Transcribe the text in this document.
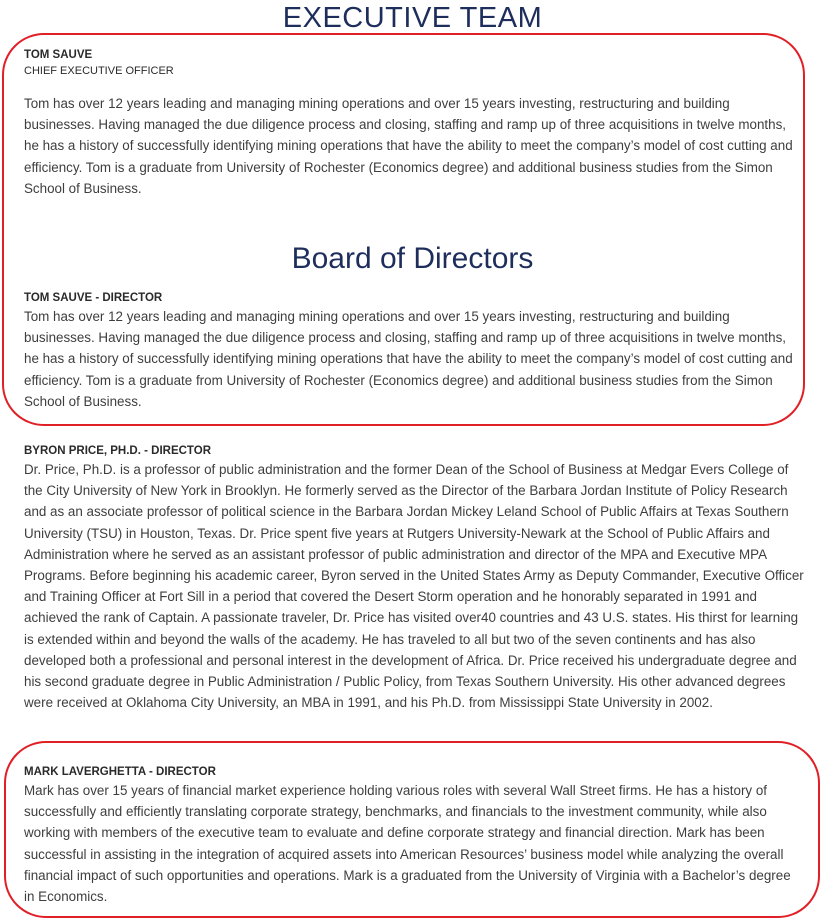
EXECUTIVE TEAM

TOM SAUVE

CHIEF EXECUTIVE OFFICER

Tom has over 12 years leading and managing mining operations and over 15 years investing, restructuring and building businesses. Having managed the due diligence process and closing, staffing and ramp up of three acquisitions in twelve months, he has a history of successfully identifying mining operations that have the ability to meet the company’s model of cost cutting and efficiency. Tom is a graduate from University of Rochester (Economics degree) and additional business studies from the Simon School of Business.

Board of Directors

TOM SAUVE - DIRECTOR

Tom has over 12 years leading and managing mining operations and over 15 years investing, restructuring and building businesses. Having managed the due diligence process and closing, staffing and ramp up of three acquisitions in twelve months, he has a history of successfully identifying mining operations that have the ability to meet the company’s model of cost cutting and efficiency. Tom is a graduate from University of Rochester (Economics degree) and additional business studies from the Simon School of Business.

BYRON PRICE, PH.D. - DIRECTOR

Dr. Price, Ph.D. is a professor of public administration and the former Dean of the School of Business at Medgar Evers College of the City University of New York in Brooklyn. He formerly served as the Director of the Barbara Jordan Institute of Policy Research and as an associate professor of political science in the Barbara Jordan Mickey Leland School of Public Affairs at Texas Southern University (TSU) in Houston, Texas. Dr. Price spent five years at Rutgers University-Newark at the School of Public Affairs and Administration where he served as an assistant professor of public administration and director of the MPA and Executive MPA Programs. Before beginning his academic career, Byron served in the United States Army as Deputy Commander, Executive Officer and Training Officer at Fort Sill in a period that covered the Desert Storm operation and he honorably separated in 1991 and achieved the rank of Captain. A passionate traveler, Dr. Price has visited over40 countries and 43 U.S. states. His thirst for learning is extended within and beyond the walls of the academy. He has traveled to all but two of the seven continents and has also developed both a professional and personal interest in the development of Africa. Dr. Price received his undergraduate degree and his second graduate degree in Public Administration / Public Policy, from Texas Southern University. His other advanced degrees were received at Oklahoma City University, an MBA in 1991, and his Ph.D. from Mississippi State University in 2002.

MARK LAVERGHETTA - DIRECTOR

Mark has over 15 years of financial market experience holding various roles with several Wall Street firms. He has a history of successfully and efficiently translating corporate strategy, benchmarks, and financials to the investment community, while also working with members of the executive team to evaluate and define corporate strategy and financial direction. Mark has been successful in assisting in the integration of acquired assets into American Resources’ business model while analyzing the overall financial impact of such opportunities and operations. Mark is a graduated from the University of Virginia with a Bachelor’s degree in Economics.
